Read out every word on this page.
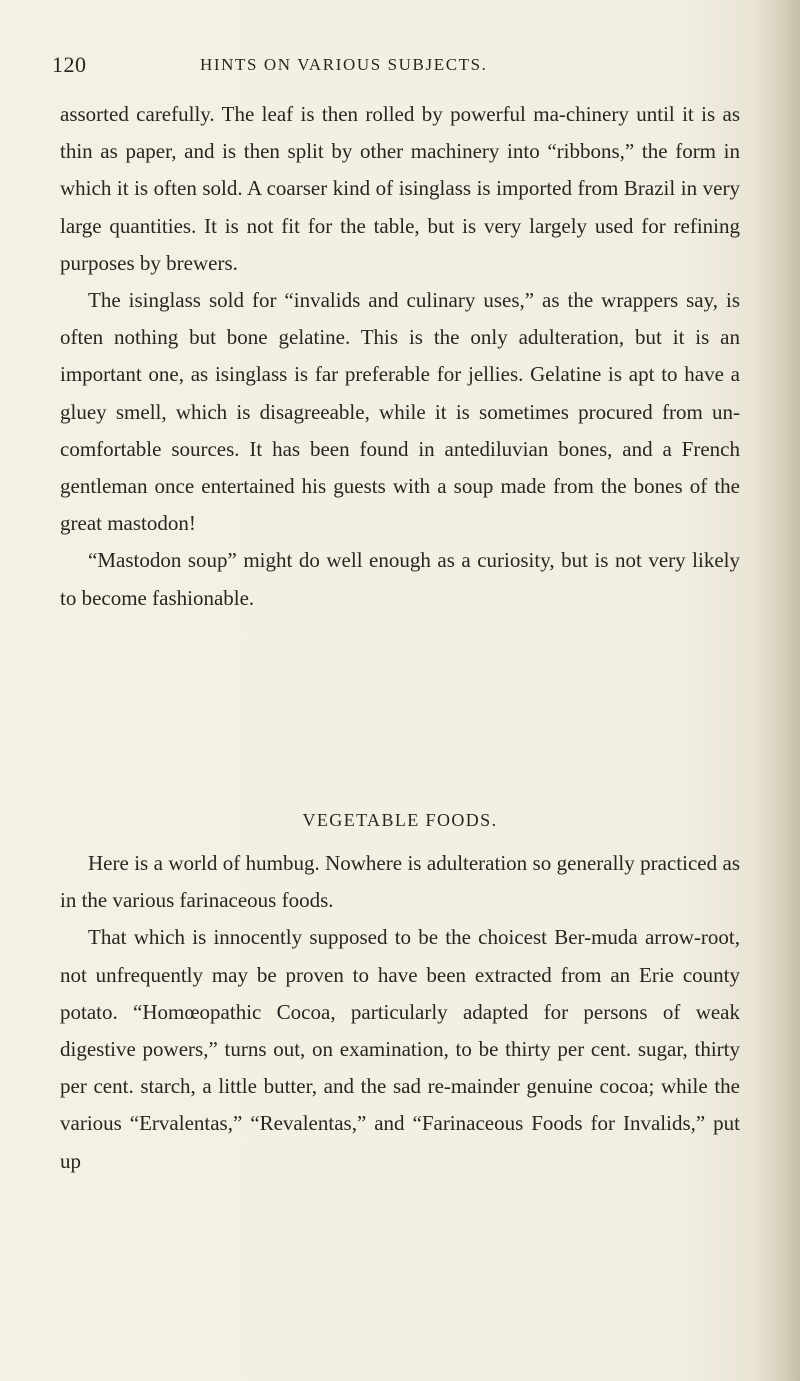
120	HINTS ON VARIOUS SUBJECTS.

assorted carefully. The leaf is then rolled by powerful ma-chinery until it is as thin as paper, and is then split by other machinery into “ribbons,” the form in which it is often sold. A coarser kind of isinglass is imported from Brazil in very large quantities. It is not fit for the table, but is very largely used for refining purposes by brewers.

The isinglass sold for “invalids and culinary uses,” as the wrappers say, is often nothing but bone gelatine. This is the only adulteration, but it is an important one, as isinglass is far preferable for jellies. Gelatine is apt to have a gluey smell, which is disagreeable, while it is sometimes procured from un-comfortable sources. It has been found in antediluvian bones, and a French gentleman once entertained his guests with a soup made from the bones of the great mastodon!

“Mastodon soup” might do well enough as a curiosity, but is not very likely to become fashionable.

VEGETABLE FOODS.

Here is a world of humbug. Nowhere is adulteration so generally practiced as in the various farinaceous foods.

That which is innocently supposed to be the choicest Ber-muda arrow-root, not unfrequently may be proven to have been extracted from an Erie county potato. “Homœopathic Cocoa, particularly adapted for persons of weak digestive powers,” turns out, on examination, to be thirty per cent. sugar, thirty per cent. starch, a little butter, and the sad re-mainder genuine cocoa; while the various “Ervalentas,” “Revalentas,” and “Farinaceous Foods for Invalids,” put up
